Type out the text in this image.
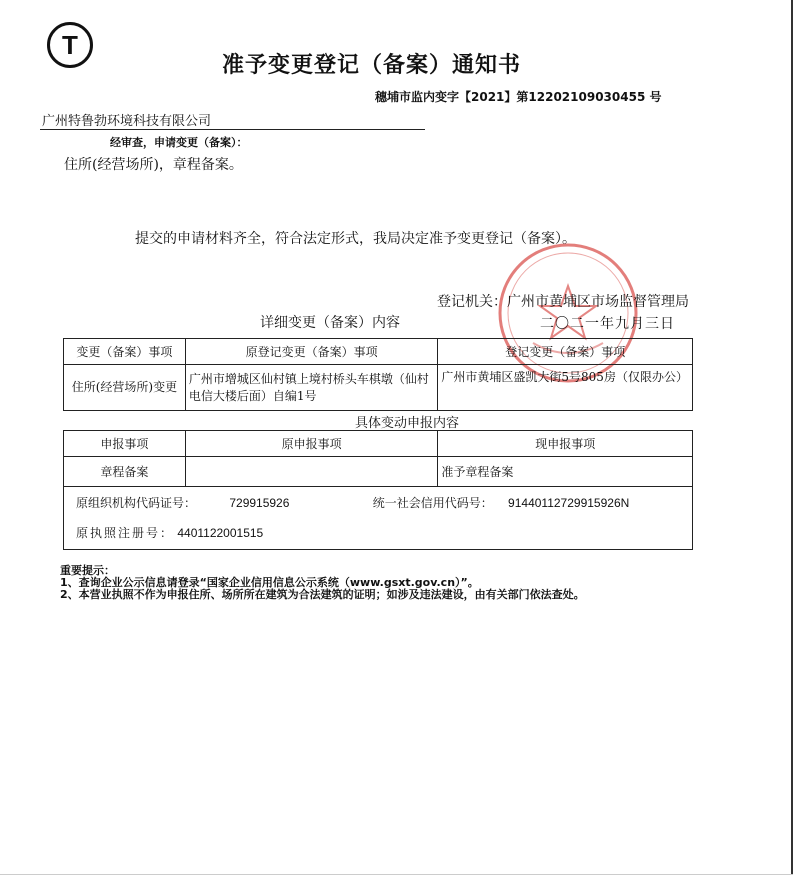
T
准予变更登记（备案）通知书
穗埔市监内变字【2021】第12202109030455 号
广州特鲁勃环境科技有限公司
经审查，申请变更（备案）：
住所(经营场所)，章程备案。
提交的申请材料齐全，符合法定形式，我局决定准予变更登记（备案）。
登记机关：广州市黄埔区市场监督管理局
详细变更（备案）内容	二〇二一年九月三日
变更（备案）事项	原登记变更（备案）事项	登记变更（备案）事项
住所(经营场所)变更	广州市增城区仙村镇上境村桥头车棋墩（仙村电信大楼后面）自编1号	广州市黄埔区盛凯大街5号805房（仅限办公）
具体变动申报内容
申报事项	原申报事项	现申报事项
章程备案		准予章程备案

原组织机构代码证号： 729915926 统一社会信用代码号： 91440112729915926N
原执照注册号： 4401122001515		
重要提示：
1、查询企业公示信息请登录“国家企业信用信息公示系统（www.gsxt.gov.cn）”。
2、本营业执照不作为申报住所、场所所在建筑为合法建筑的证明；如涉及违法建设，由有关部门依法查处。
